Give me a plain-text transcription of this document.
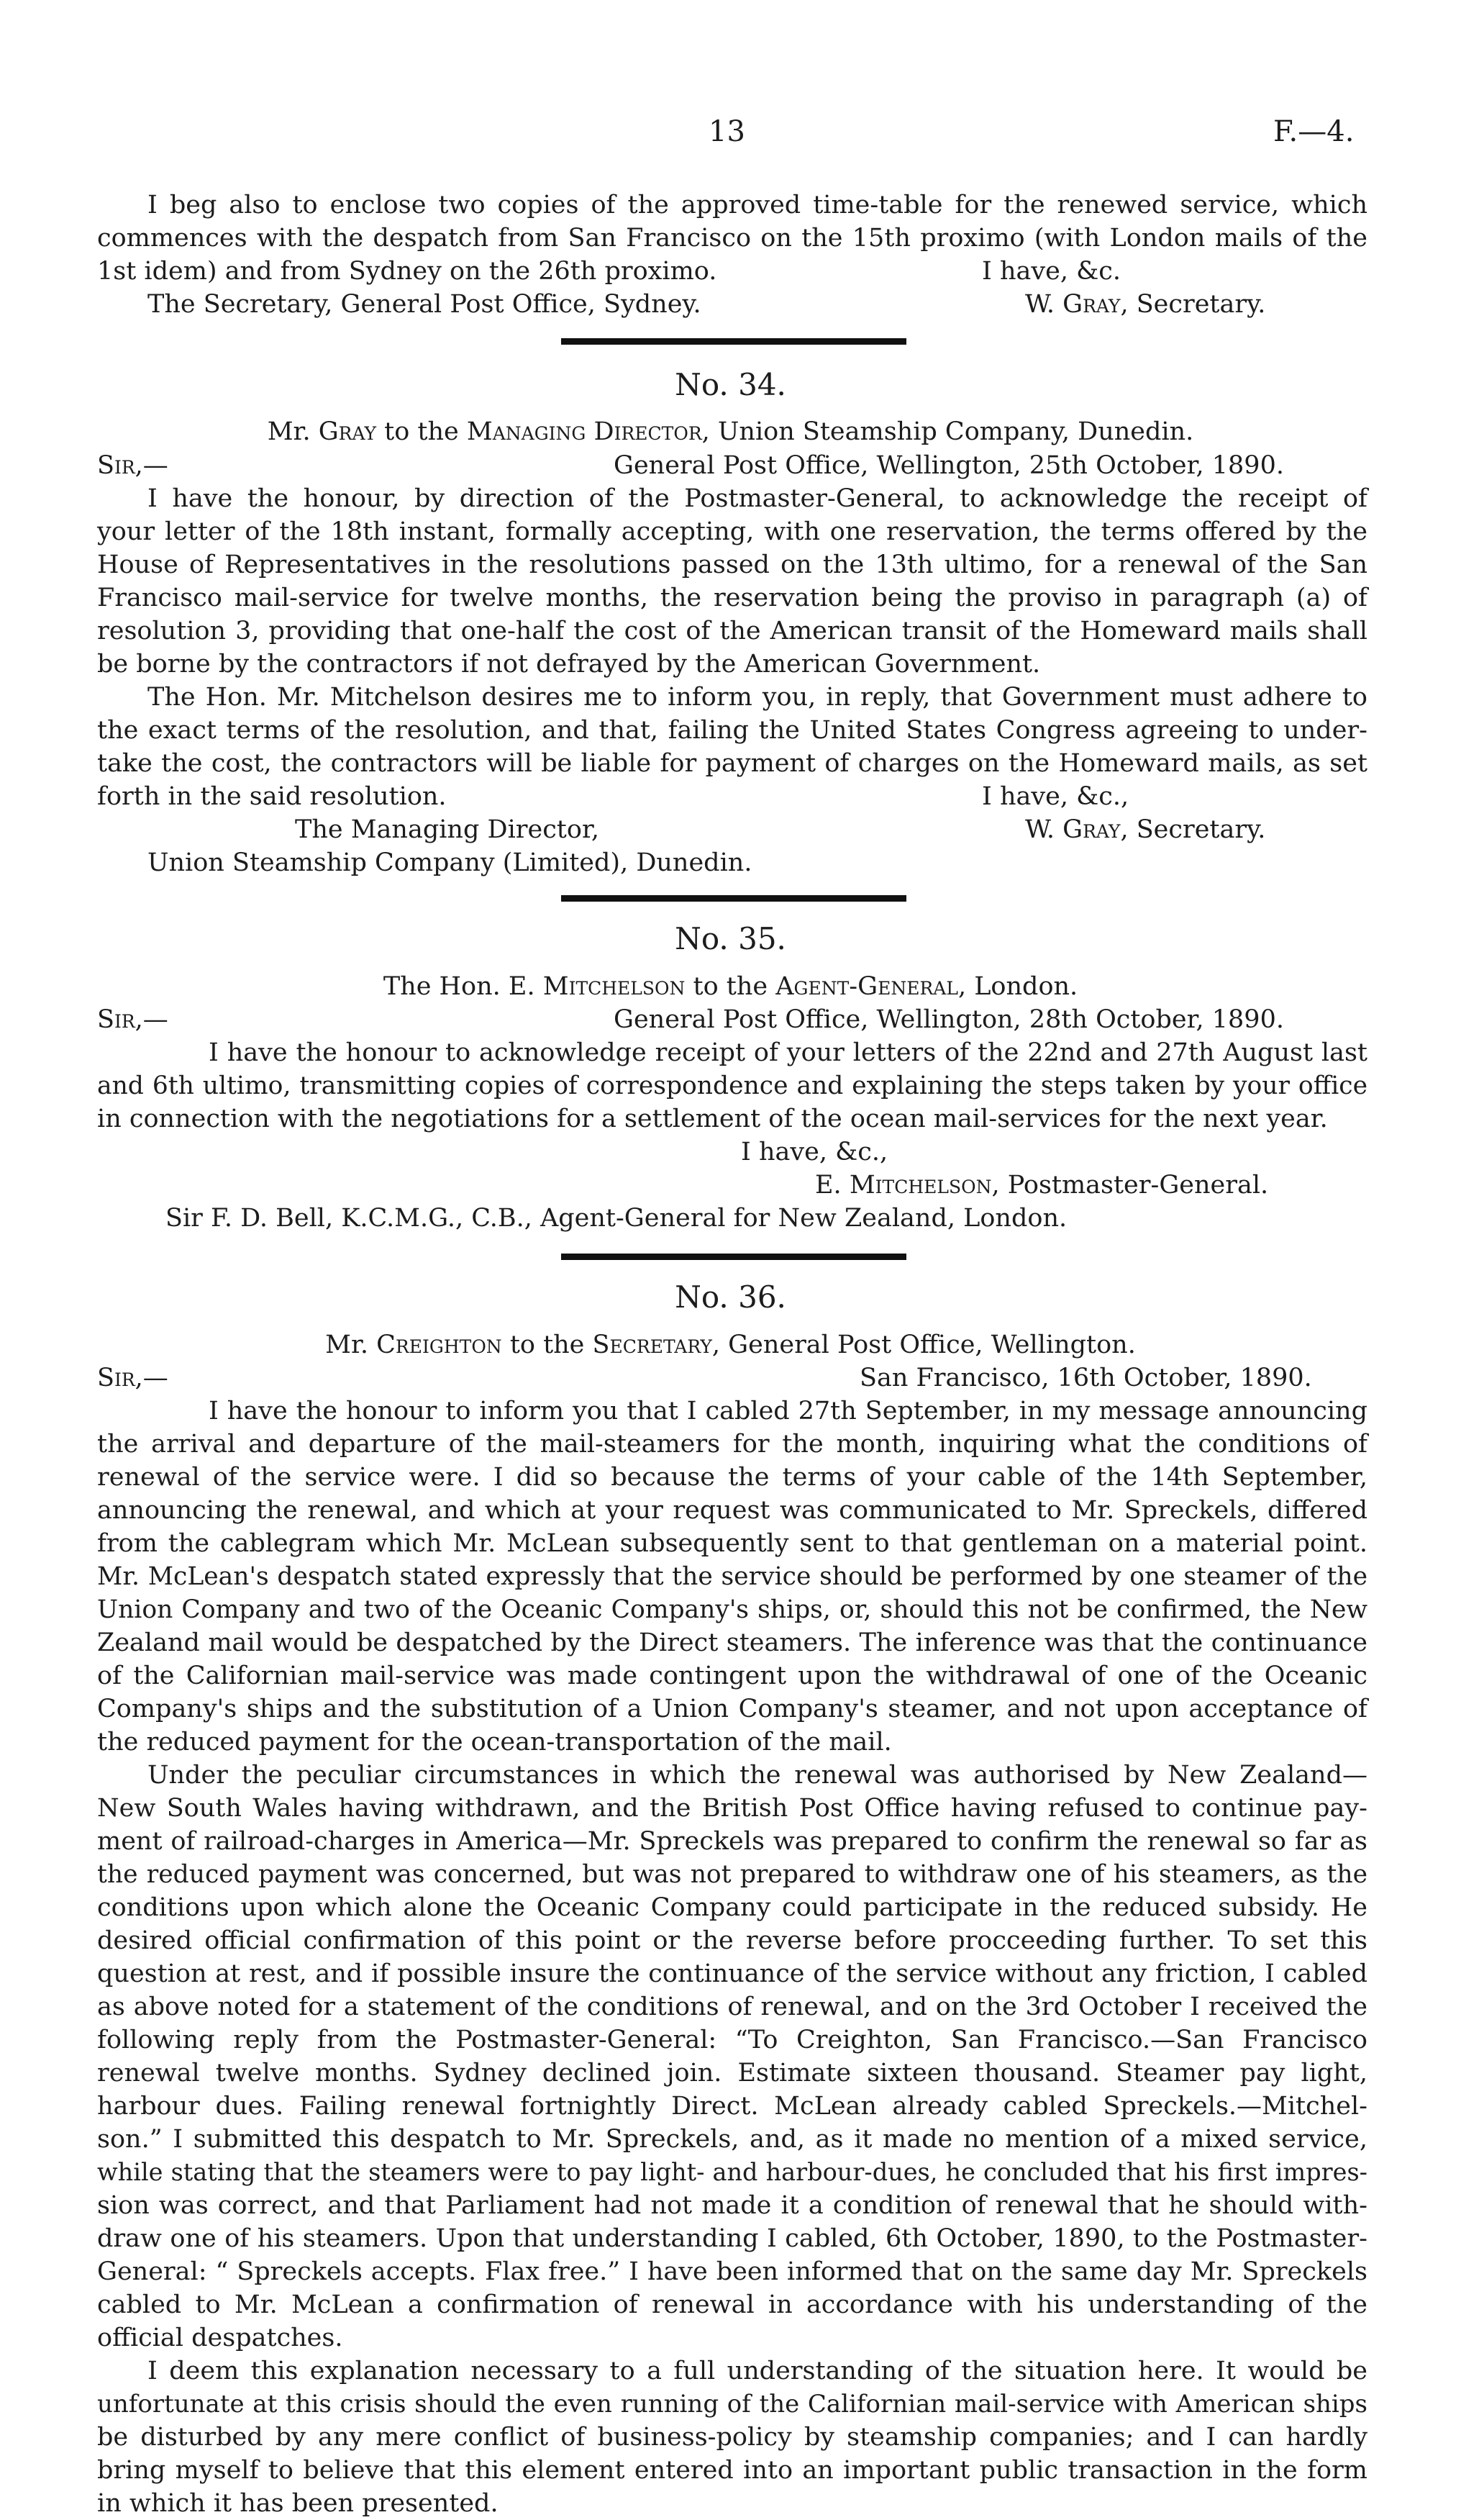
13	F.—4.
I beg also to enclose two copies of the approved time-table for the renewed service, which
commences with the despatch from San Francisco on the 15th proximo (with London mails of the
1st idem) and from Sydney on the 26th proximo.	I have, &c.
The Secretary, General Post Office, Sydney.	W. Gray, Secretary.
No. 34.
Mr. Gray to the Managing Director, Union Steamship Company, Dunedin.
Sir,—	General Post Office, Wellington, 25th October, 1890.
I have the honour, by direction of the Postmaster-General, to acknowledge the receipt of
your letter of the 18th instant, formally accepting, with one reservation, the terms offered by the
House of Representatives in the resolutions passed on the 13th ultimo, for a renewal of the San
Francisco mail-service for twelve months, the reservation being the proviso in paragraph (a) of
resolution 3, providing that one-half the cost of the American transit of the Homeward mails shall
be borne by the contractors if not defrayed by the American Government.
The Hon. Mr. Mitchelson desires me to inform you, in reply, that Government must adhere to
the exact terms of the resolution, and that, failing the United States Congress agreeing to under-
take the cost, the contractors will be liable for payment of charges on the Homeward mails, as set
forth in the said resolution.	I have, &c.,
The Managing Director,	W. Gray, Secretary.
Union Steamship Company (Limited), Dunedin.
No. 35.
The Hon. E. Mitchelson to the Agent-General, London.
Sir,—	General Post Office, Wellington, 28th October, 1890.
I have the honour to acknowledge receipt of your letters of the 22nd and 27th August last
and 6th ultimo, transmitting copies of correspondence and explaining the steps taken by your office
in connection with the negotiations for a settlement of the ocean mail-services for the next year.
I have, &c.,
E. Mitchelson, Postmaster-General.
Sir F. D. Bell, K.C.M.G., C.B., Agent-General for New Zealand, London.
No. 36.
Mr. Creighton to the Secretary, General Post Office, Wellington.
Sir,—	San Francisco, 16th October, 1890.
I have the honour to inform you that I cabled 27th September, in my message announcing
the arrival and departure of the mail-steamers for the month, inquiring what the conditions of
renewal of the service were. I did so because the terms of your cable of the 14th September,
announcing the renewal, and which at your request was communicated to Mr. Spreckels, differed
from the cablegram which Mr. McLean subsequently sent to that gentleman on a material point.
Mr. McLean's despatch stated expressly that the service should be performed by one steamer of the
Union Company and two of the Oceanic Company's ships, or, should this not be confirmed, the New
Zealand mail would be despatched by the Direct steamers. The inference was that the continuance
of the Californian mail-service was made contingent upon the withdrawal of one of the Oceanic
Company's ships and the substitution of a Union Company's steamer, and not upon acceptance of
the reduced payment for the ocean-transportation of the mail.
Under the peculiar circumstances in which the renewal was authorised by New Zealand—
New South Wales having withdrawn, and the British Post Office having refused to continue pay-
ment of railroad-charges in America—Mr. Spreckels was prepared to confirm the renewal so far as
the reduced payment was concerned, but was not prepared to withdraw one of his steamers, as the
conditions upon which alone the Oceanic Company could participate in the reduced subsidy. He
desired official confirmation of this point or the reverse before procceeding further. To set this
question at rest, and if possible insure the continuance of the service without any friction, I cabled
as above noted for a statement of the conditions of renewal, and on the 3rd October I received the
following reply from the Postmaster-General: “To Creighton, San Francisco.—San Francisco
renewal twelve months. Sydney declined join. Estimate sixteen thousand. Steamer pay light,
harbour dues. Failing renewal fortnightly Direct. McLean already cabled Spreckels.—Mitchel-
son.” I submitted this despatch to Mr. Spreckels, and, as it made no mention of a mixed service,
while stating that the steamers were to pay light- and harbour-dues, he concluded that his first impres-
sion was correct, and that Parliament had not made it a condition of renewal that he should with-
draw one of his steamers. Upon that understanding I cabled, 6th October, 1890, to the Postmaster-
General: “ Spreckels accepts. Flax free.” I have been informed that on the same day Mr. Spreckels
cabled to Mr. McLean a confirmation of renewal in accordance with his understanding of the
official despatches.
I deem this explanation necessary to a full understanding of the situation here. It would be
unfortunate at this crisis should the even running of the Californian mail-service with American ships
be disturbed by any mere conflict of business-policy by steamship companies; and I can hardly
bring myself to believe that this element entered into an important public transaction in the form
in which it has been presented.
